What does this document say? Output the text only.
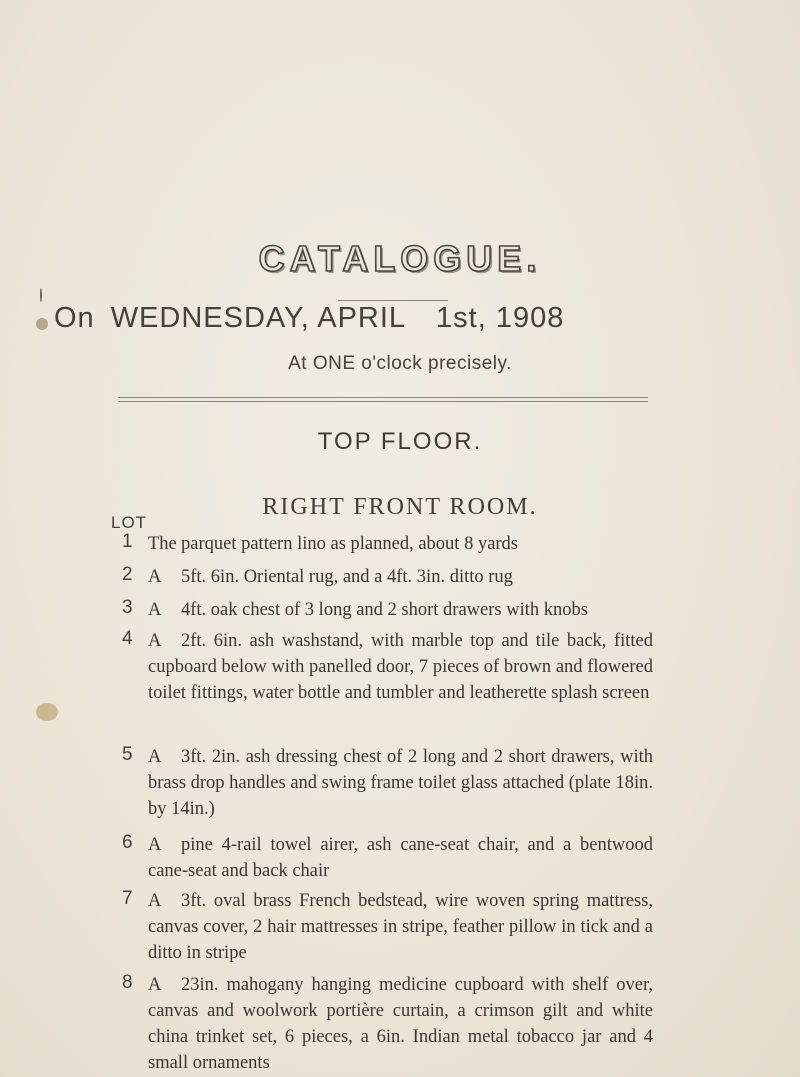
CATALOGUE.
On WEDNESDAY, APRIL 1st, 1908
At ONE o'clock precisely.
TOP FLOOR.
RIGHT FRONT ROOM.
LOT
1 The parquet pattern lino as planned, about 8 yards
2 A 5ft. 6in. Oriental rug, and a 4ft. 3in. ditto rug
3 A 4ft. oak chest of 3 long and 2 short drawers with knobs
4 A 2ft. 6in. ash washstand, with marble top and tile back, fitted cupboard below with panelled door, 7 pieces of brown and flowered toilet fittings, water bottle and tumbler and leatherette splash screen
5 A 3ft. 2in. ash dressing chest of 2 long and 2 short drawers, with brass drop handles and swing frame toilet glass attached (plate 18in. by 14in.)
6 A pine 4-rail towel airer, ash cane-seat chair, and a bentwood cane-seat and back chair
7 A 3ft. oval brass French bedstead, wire woven spring mattress, canvas cover, 2 hair mattresses in stripe, feather pillow in tick and a ditto in stripe
8 A 23in. mahogany hanging medicine cupboard with shelf over, canvas and woolwork portière curtain, a crimson gilt and white china trinket set, 6 pieces, a 6in. Indian metal tobacco jar and 4 small ornaments
